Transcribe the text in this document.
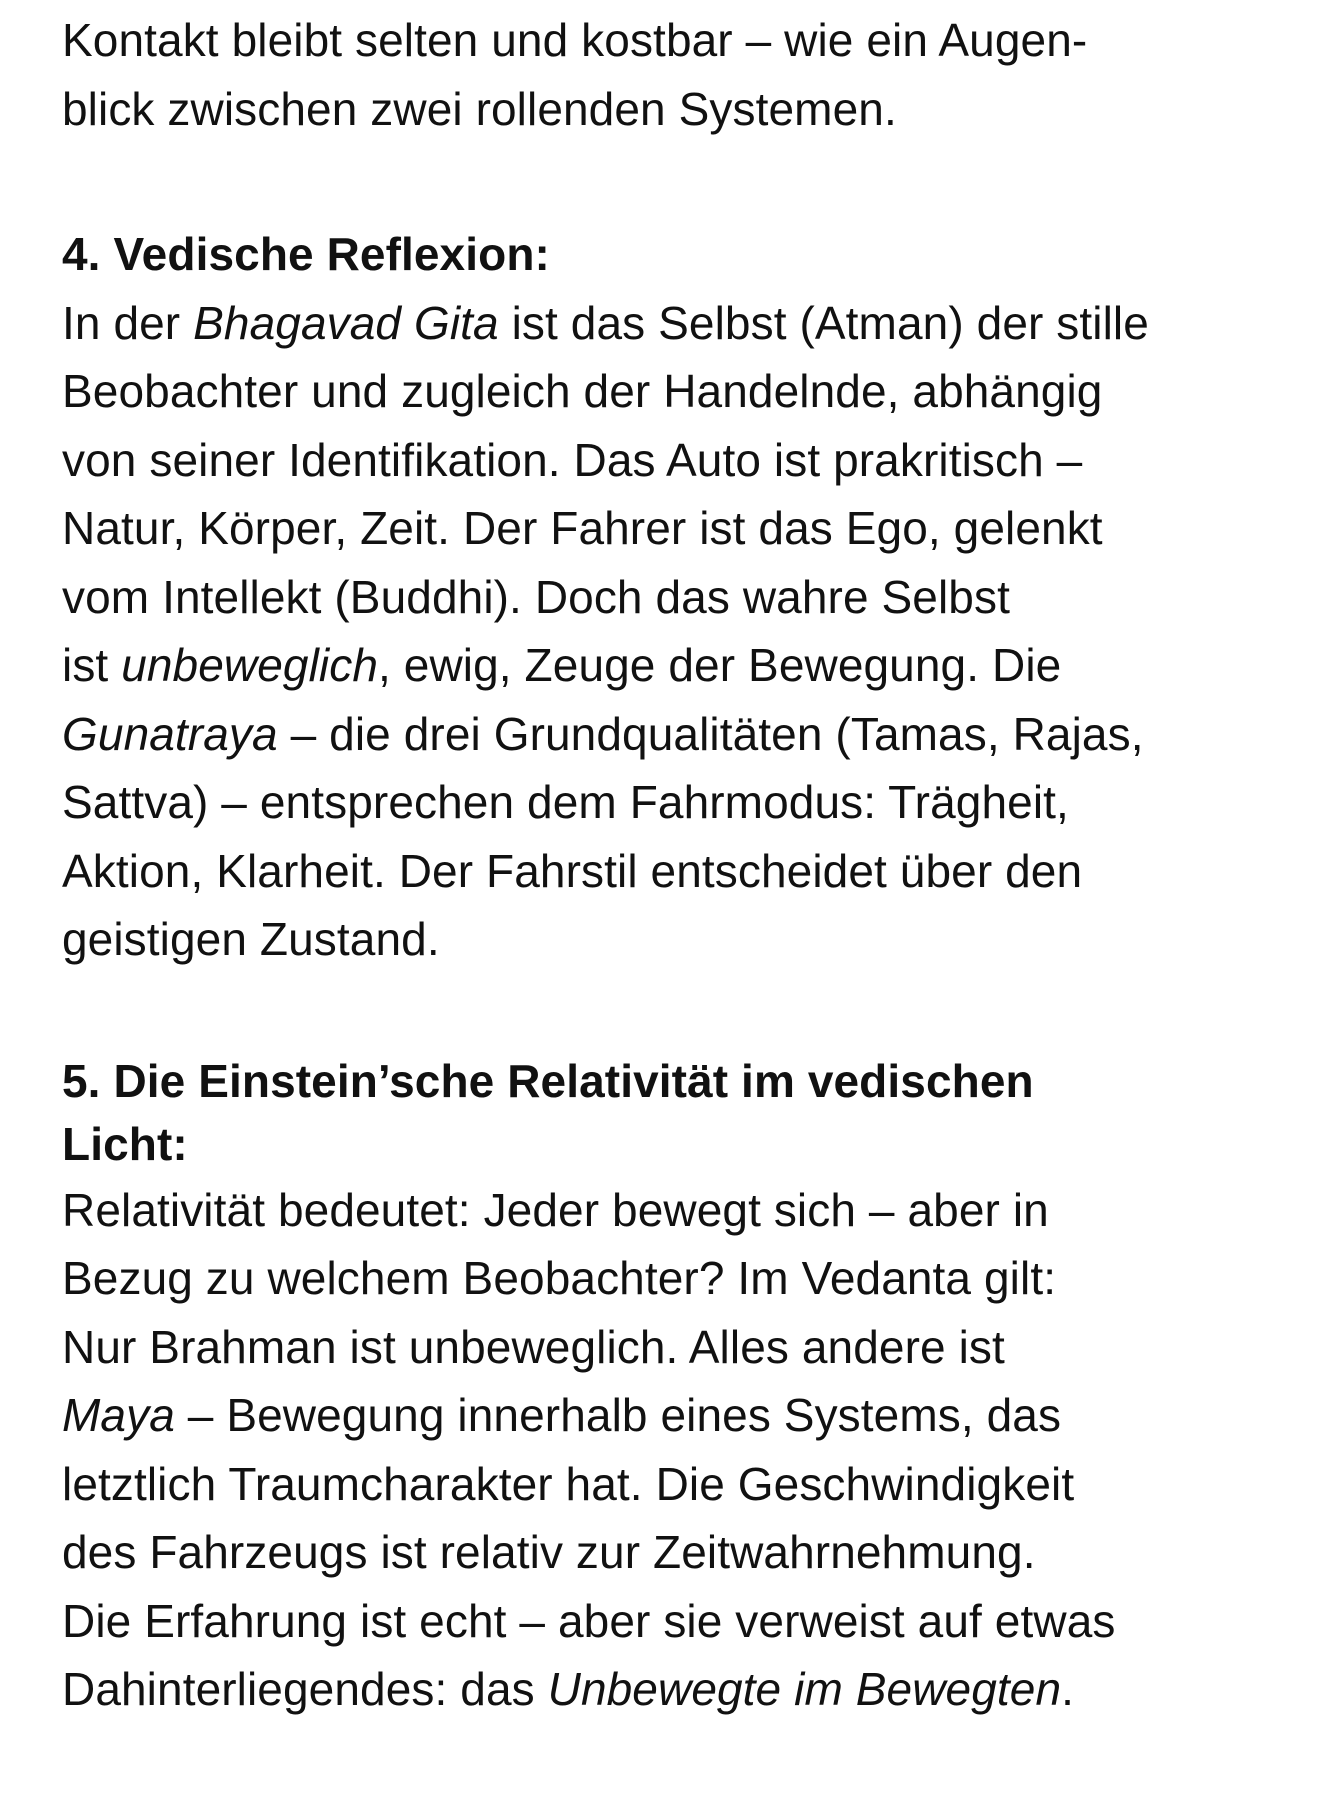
Kontakt bleibt selten und kostbar – wie ein Augen-
blick zwischen zwei rollenden Systemen.
4. Vedische Reflexion:
In der Bhagavad Gita ist das Selbst (Atman) der stille
Beobachter und zugleich der Handelnde, abhängig
von seiner Identifikation. Das Auto ist prakritisch –
Natur, Körper, Zeit. Der Fahrer ist das Ego, gelenkt
vom Intellekt (Buddhi). Doch das wahre Selbst
ist unbeweglich, ewig, Zeuge der Bewegung. Die
Gunatraya – die drei Grundqualitäten (Tamas, Rajas,
Sattva) – entsprechen dem Fahrmodus: Trägheit,
Aktion, Klarheit. Der Fahrstil entscheidet über den
geistigen Zustand.
5. Die Einstein’sche Relativität im vedischen
Licht:
Relativität bedeutet: Jeder bewegt sich – aber in
Bezug zu welchem Beobachter? Im Vedanta gilt:
Nur Brahman ist unbeweglich. Alles andere ist
Maya – Bewegung innerhalb eines Systems, das
letztlich Traumcharakter hat. Die Geschwindigkeit
des Fahrzeugs ist relativ zur Zeitwahrnehmung.
Die Erfahrung ist echt – aber sie verweist auf etwas
Dahinterliegendes: das Unbewegte im Bewegten.
